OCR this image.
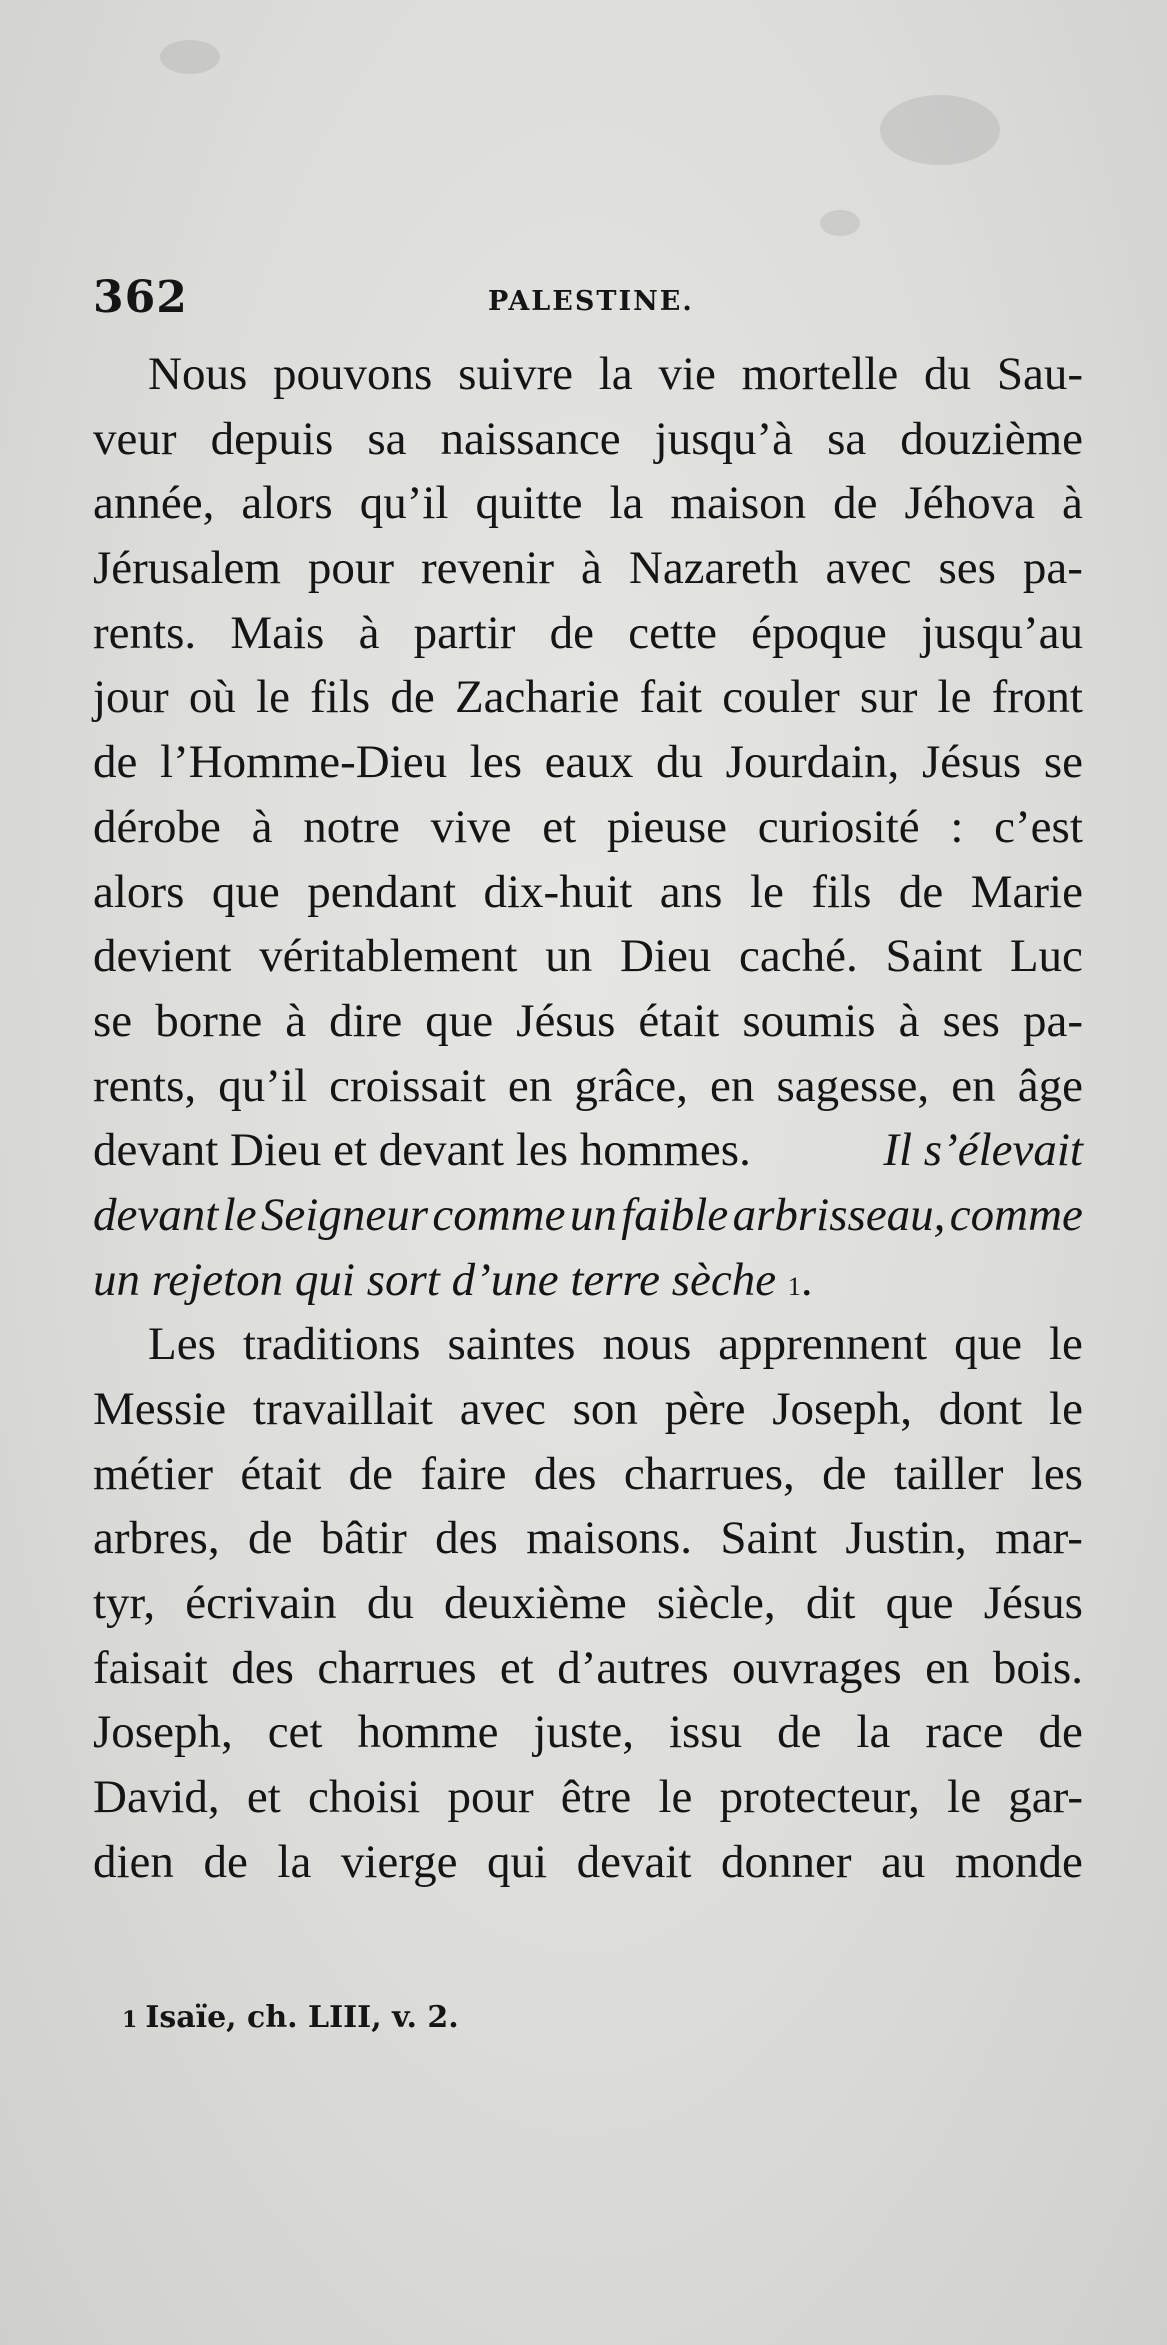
362	PALESTINE.
Nous pouvons suivre la vie mortelle du Sau-
veur depuis sa naissance jusqu’à sa douzième
année, alors qu’il quitte la maison de Jéhova à
Jérusalem pour revenir à Nazareth avec ses pa-
rents. Mais à partir de cette époque jusqu’au
jour où le fils de Zacharie fait couler sur le front
de l’Homme-Dieu les eaux du Jourdain, Jésus se
dérobe à notre vive et pieuse curiosité : c’est
alors que pendant dix-huit ans le fils de Marie
devient véritablement un Dieu caché. Saint Luc
se borne à dire que Jésus était soumis à ses pa-
rents, qu’il croissait en grâce, en sagesse, en âge
devant Dieu et devant les hommes.	Il s’élevait
devant le Seigneur comme un faible arbrisseau, comme
un rejeton qui sort d’une terre sèche
1 .
Les traditions saintes nous apprennent que le
Messie travaillait avec son père Joseph, dont le
métier était de faire des charrues, de tailler les
arbres, de bâtir des maisons. Saint Justin, mar-
tyr, écrivain du deuxième siècle, dit que Jésus
faisait des charrues et d’autres ouvrages en bois.
Joseph, cet homme juste, issu de la race de
David, et choisi pour être le protecteur, le gar-
dien de la vierge qui devait donner au monde
1 Isaïe, ch. LIII, v. 2.
